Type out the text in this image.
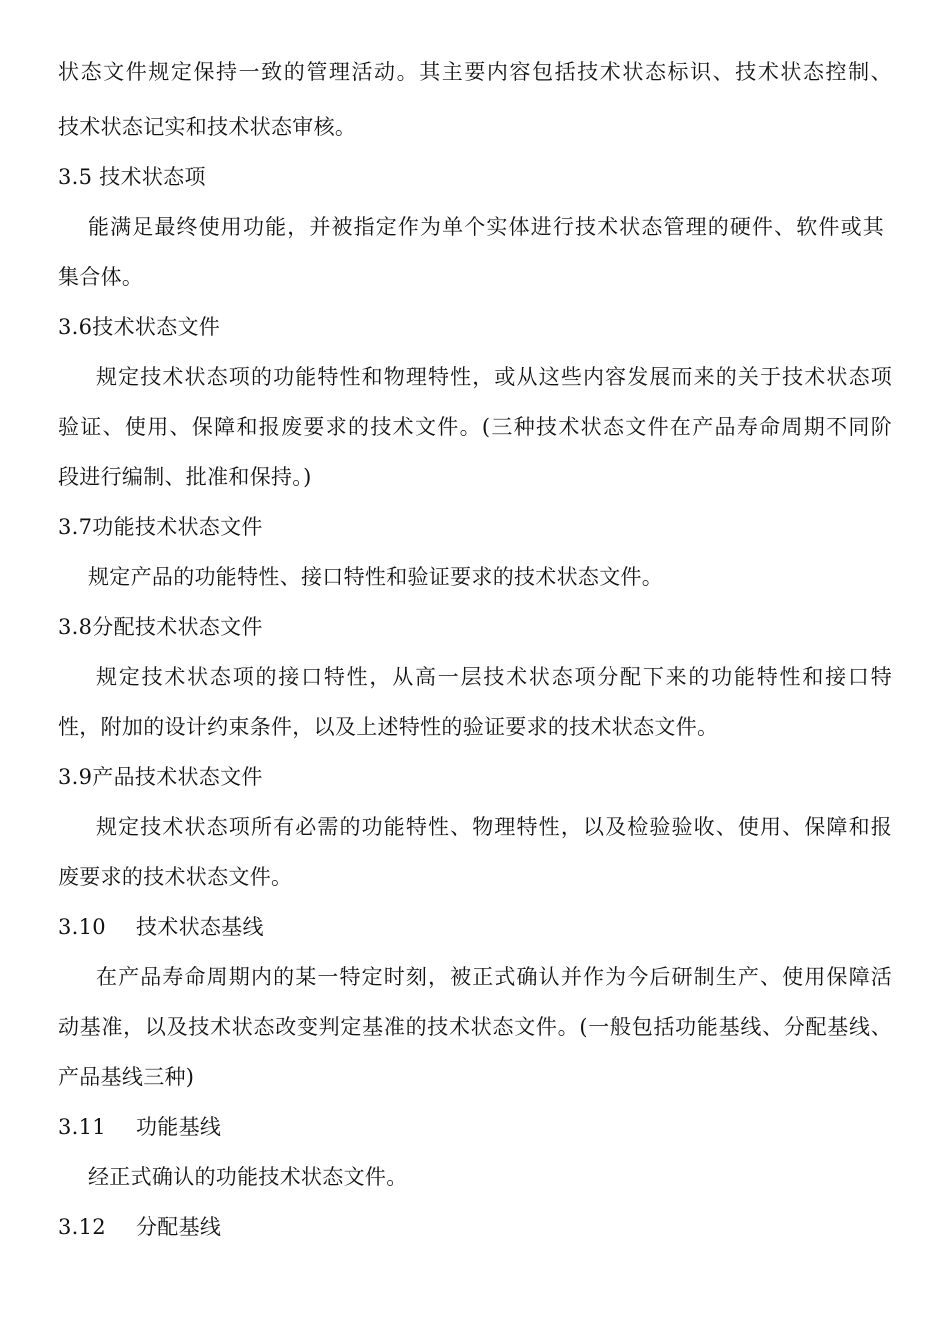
状态文件规定保持一致的管理活动。其主要内容包括技术状态标识、技术状态控制、
技术状态记实和技术状态审核。
3.5 技术状态项
能满足最终使用功能，并被指定作为单个实体进行技术状态管理的硬件、软件或其
集合体。
3.6技术状态文件
规定技术状态项的功能特性和物理特性，或从这些内容发展而来的关于技术状态项
验证、使用、保障和报废要求的技术文件。(三种技术状态文件在产品寿命周期不同阶
段进行编制、批准和保持。)
3.7功能技术状态文件
规定产品的功能特性、接口特性和验证要求的技术状态文件。
3.8分配技术状态文件
规定技术状态项的接口特性，从高一层技术状态项分配下来的功能特性和接口特
性，附加的设计约束条件，以及上述特性的验证要求的技术状态文件。
3.9产品技术状态文件
规定技术状态项所有必需的功能特性、物理特性，以及检验验收、使用、保障和报
废要求的技术状态文件。
3.10 技术状态基线
在产品寿命周期内的某一特定时刻，被正式确认并作为今后研制生产、使用保障活
动基准，以及技术状态改变判定基准的技术状态文件。(一般包括功能基线、分配基线、
产品基线三种)
3.11 功能基线
经正式确认的功能技术状态文件。
3.12 分配基线
